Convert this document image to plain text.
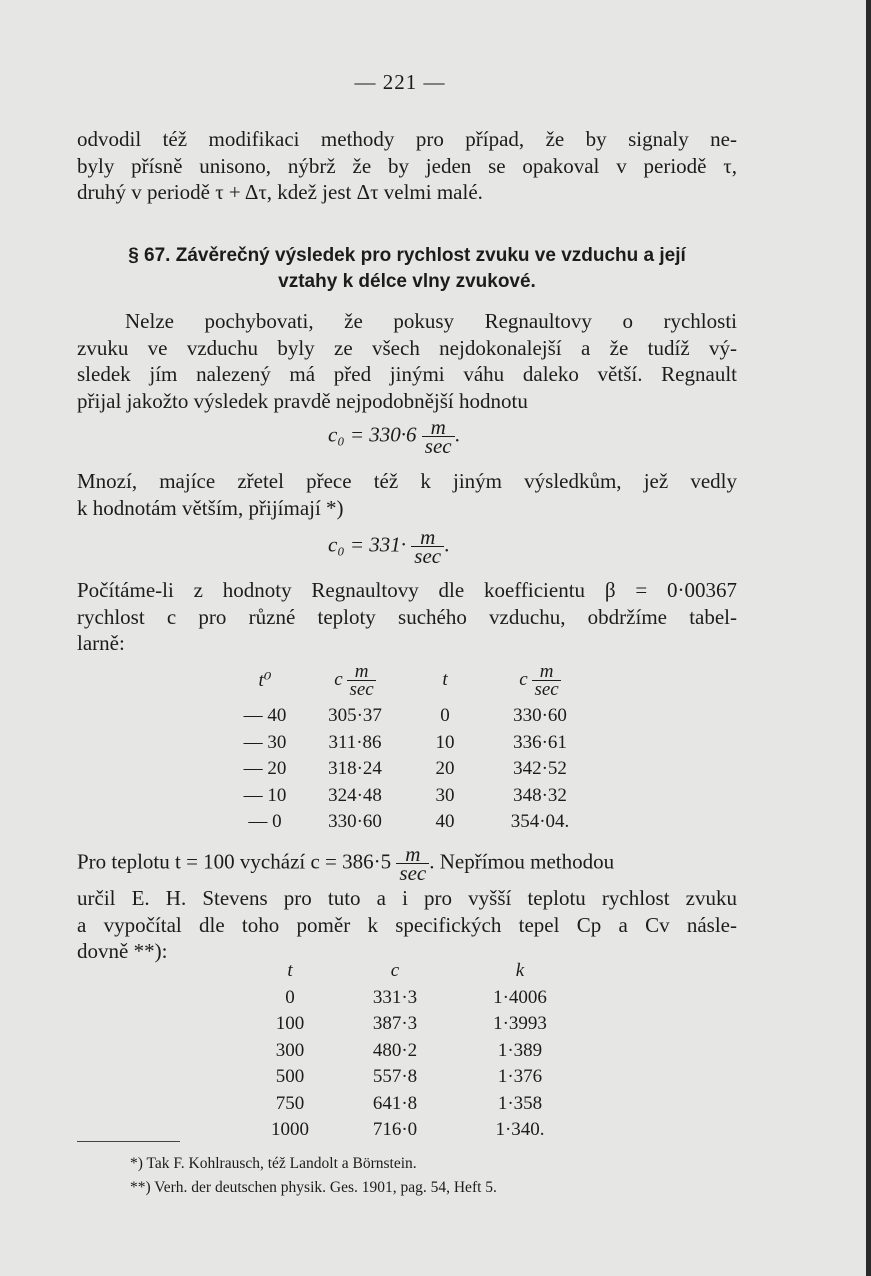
— 221 —
odvodil též modifikaci methody pro případ, že by signaly ne-
byly přísně unisono, nýbrž že by jeden se opakoval v periodě τ,
druhý v periodě τ + Δτ, kdež jest Δτ velmi malé.
§ 67. Závěrečný výsledek pro rychlost zvuku ve vzduchu a její
vztahy k délce vlny zvukové.
Nelze pochybovati, že pokusy Regnaultovy o rychlosti
zvuku ve vzduchu byly ze všech nejdokonalejší a že tudíž vý-
sledek jím nalezený má před jinými váhu daleko větší. Regnault
přijal jakožto výsledek pravdě nejpodobnější hodnotu
$c_0 = 330\cdot 6 \frac{m}{\sec}$ .
Mnozí, majíce zřetel přece též k jiným výsledkům, jež vedly
k hodnotám větším, přijímají *)
$c_0 = 331\cdot \frac{m}{\sec}$ .
Počítáme-li z hodnoty Regnaultovy dle koefficientu β = 0·00367
rychlost c pro různé teploty suchého vzduchu, obdržíme tabel-
larně:
t⁰	c $\frac{m}{\sec}$	t	c $\frac{m}{\sec}$

— 40	305·37	0	330·60
— 30	311·86	10	336·61
— 20	318·24	20	342·52
— 10	324·48	30	348·32
— 0	330·60	40	354·04.
Pro teplotu t = 100 vychází $c = 386\cdot 5 \frac{m}{\sec}$ . Nepřímou methodou
určil E. H. Stevens pro tuto a i pro vyšší teplotu rychlost zvuku
a vypočítal dle toho poměr k specifických tepel Cp a Cv násle-
dovně **):
t	c	k
0	331·3	1·4006
100	387·3	1·3993
300	480·2	1·389
500	557·8	1·376
750	641·8	1·358
1000	716·0	1·340.
*) Tak F. Kohlrausch, též Landolt a Börnstein.
**) Verh. der deutschen physik. Ges. 1901, pag. 54, Heft 5.
